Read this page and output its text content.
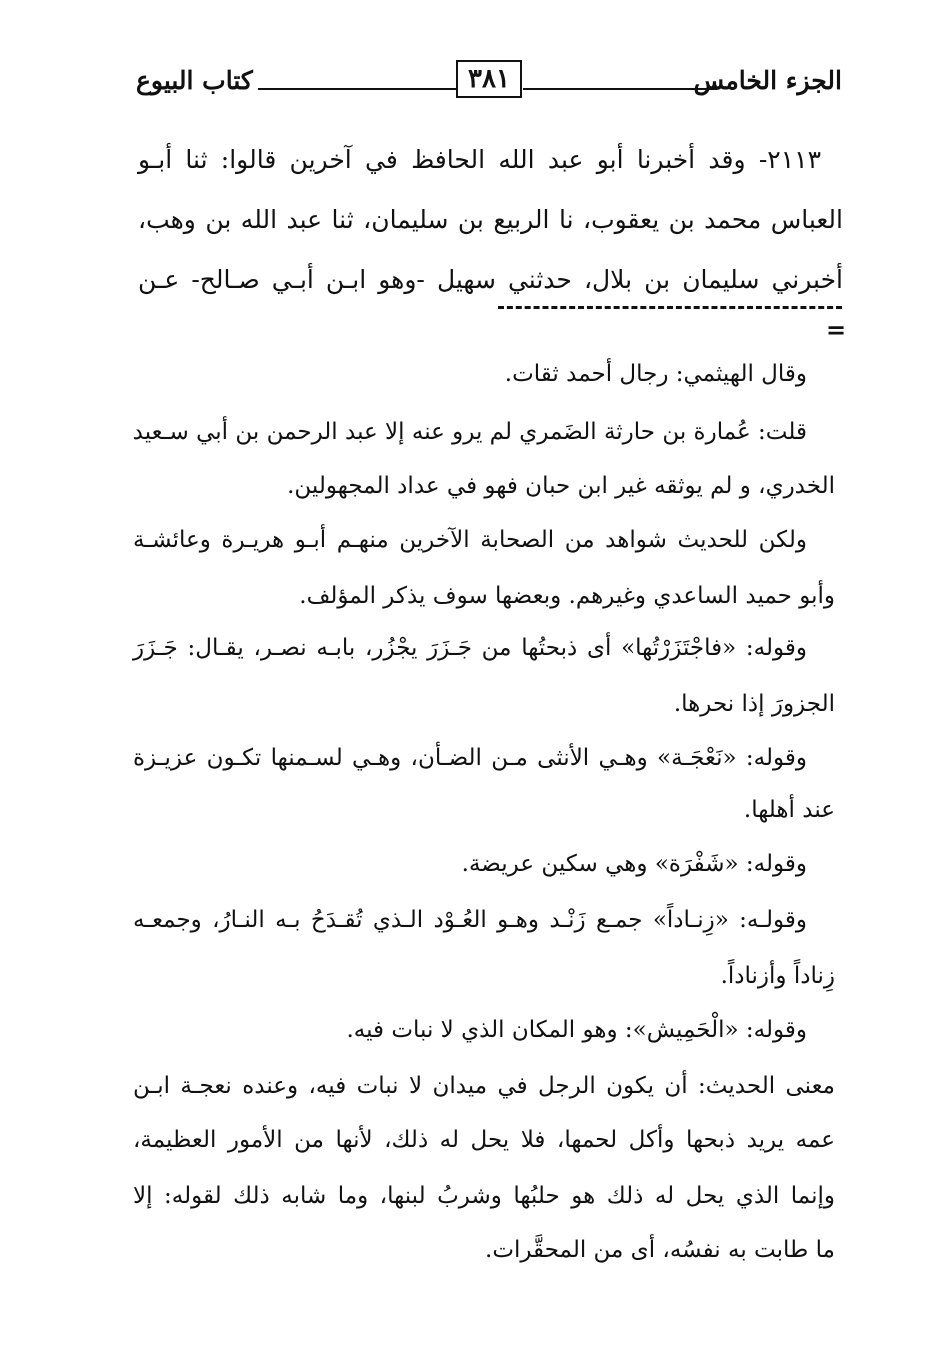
كتاب البيوع	٣٨١	الجزء الخامس
٢١١٣- وقد أخبرنا أبو عبد الله الحافظ في آخرين قالوا: ثنا أبـو
العباس محمد بن يعقوب، نا الربيع بن سليمان، ثنا عبد الله بن وهب،
أخبرني سليمان بن بلال، حدثني سهيل -وهو ابـن أبـي صـالح- عـن
=
وقال الهيثمي: رجال أحمد ثقات.
قلت: عُمارة بن حارثة الضَمري لم يرو عنه إلا عبد الرحمن بن أبي سـعيد
الخدري، و لم يوثقه غير ابن حبان فهو في عداد المجهولين.
ولكن للحديث شواهد من الصحابة الآخرين منهـم أبـو هريـرة وعائشـة
وأبو حميد الساعدي وغيرهم. وبعضها سوف يذكر المؤلف.
وقوله: «فاجْتَزَرْتُها» أى ذبحتُها من جَـزَرَ يجْزُر، بابـه نصـر، يقـال: جَـزَرَ
الجزورَ إذا نحرها.
وقوله: «نَعْجَـة» وهـي الأنثى مـن الضـأن، وهـي لسـمنها تكـون عزيـزة
عند أهلها.
وقوله: «شَفْرَة» وهي سكين عريضة.
وقولـه: «زِنـاداً» جمـع زَنْـد وهـو العُـوْد الـذي تُقـدَحُ بـه النـارُ، وجمعـه
زِناداً وأزناداً.
وقوله: «الْحَمِيش»: وهو المكان الذي لا نبات فيه.
معنى الحديث: أن يكون الرجل في ميدان لا نبات فيه، وعنده نعجـة ابـن
عمه يريد ذبحها وأكل لحمها، فلا يحل له ذلك، لأنها من الأمور العظيمة،
وإنما الذي يحل له ذلك هو حلبُها وشربُ لبنها، وما شابه ذلك لقوله: إلا
ما طابت به نفسُه، أى من المحقَّرات.
